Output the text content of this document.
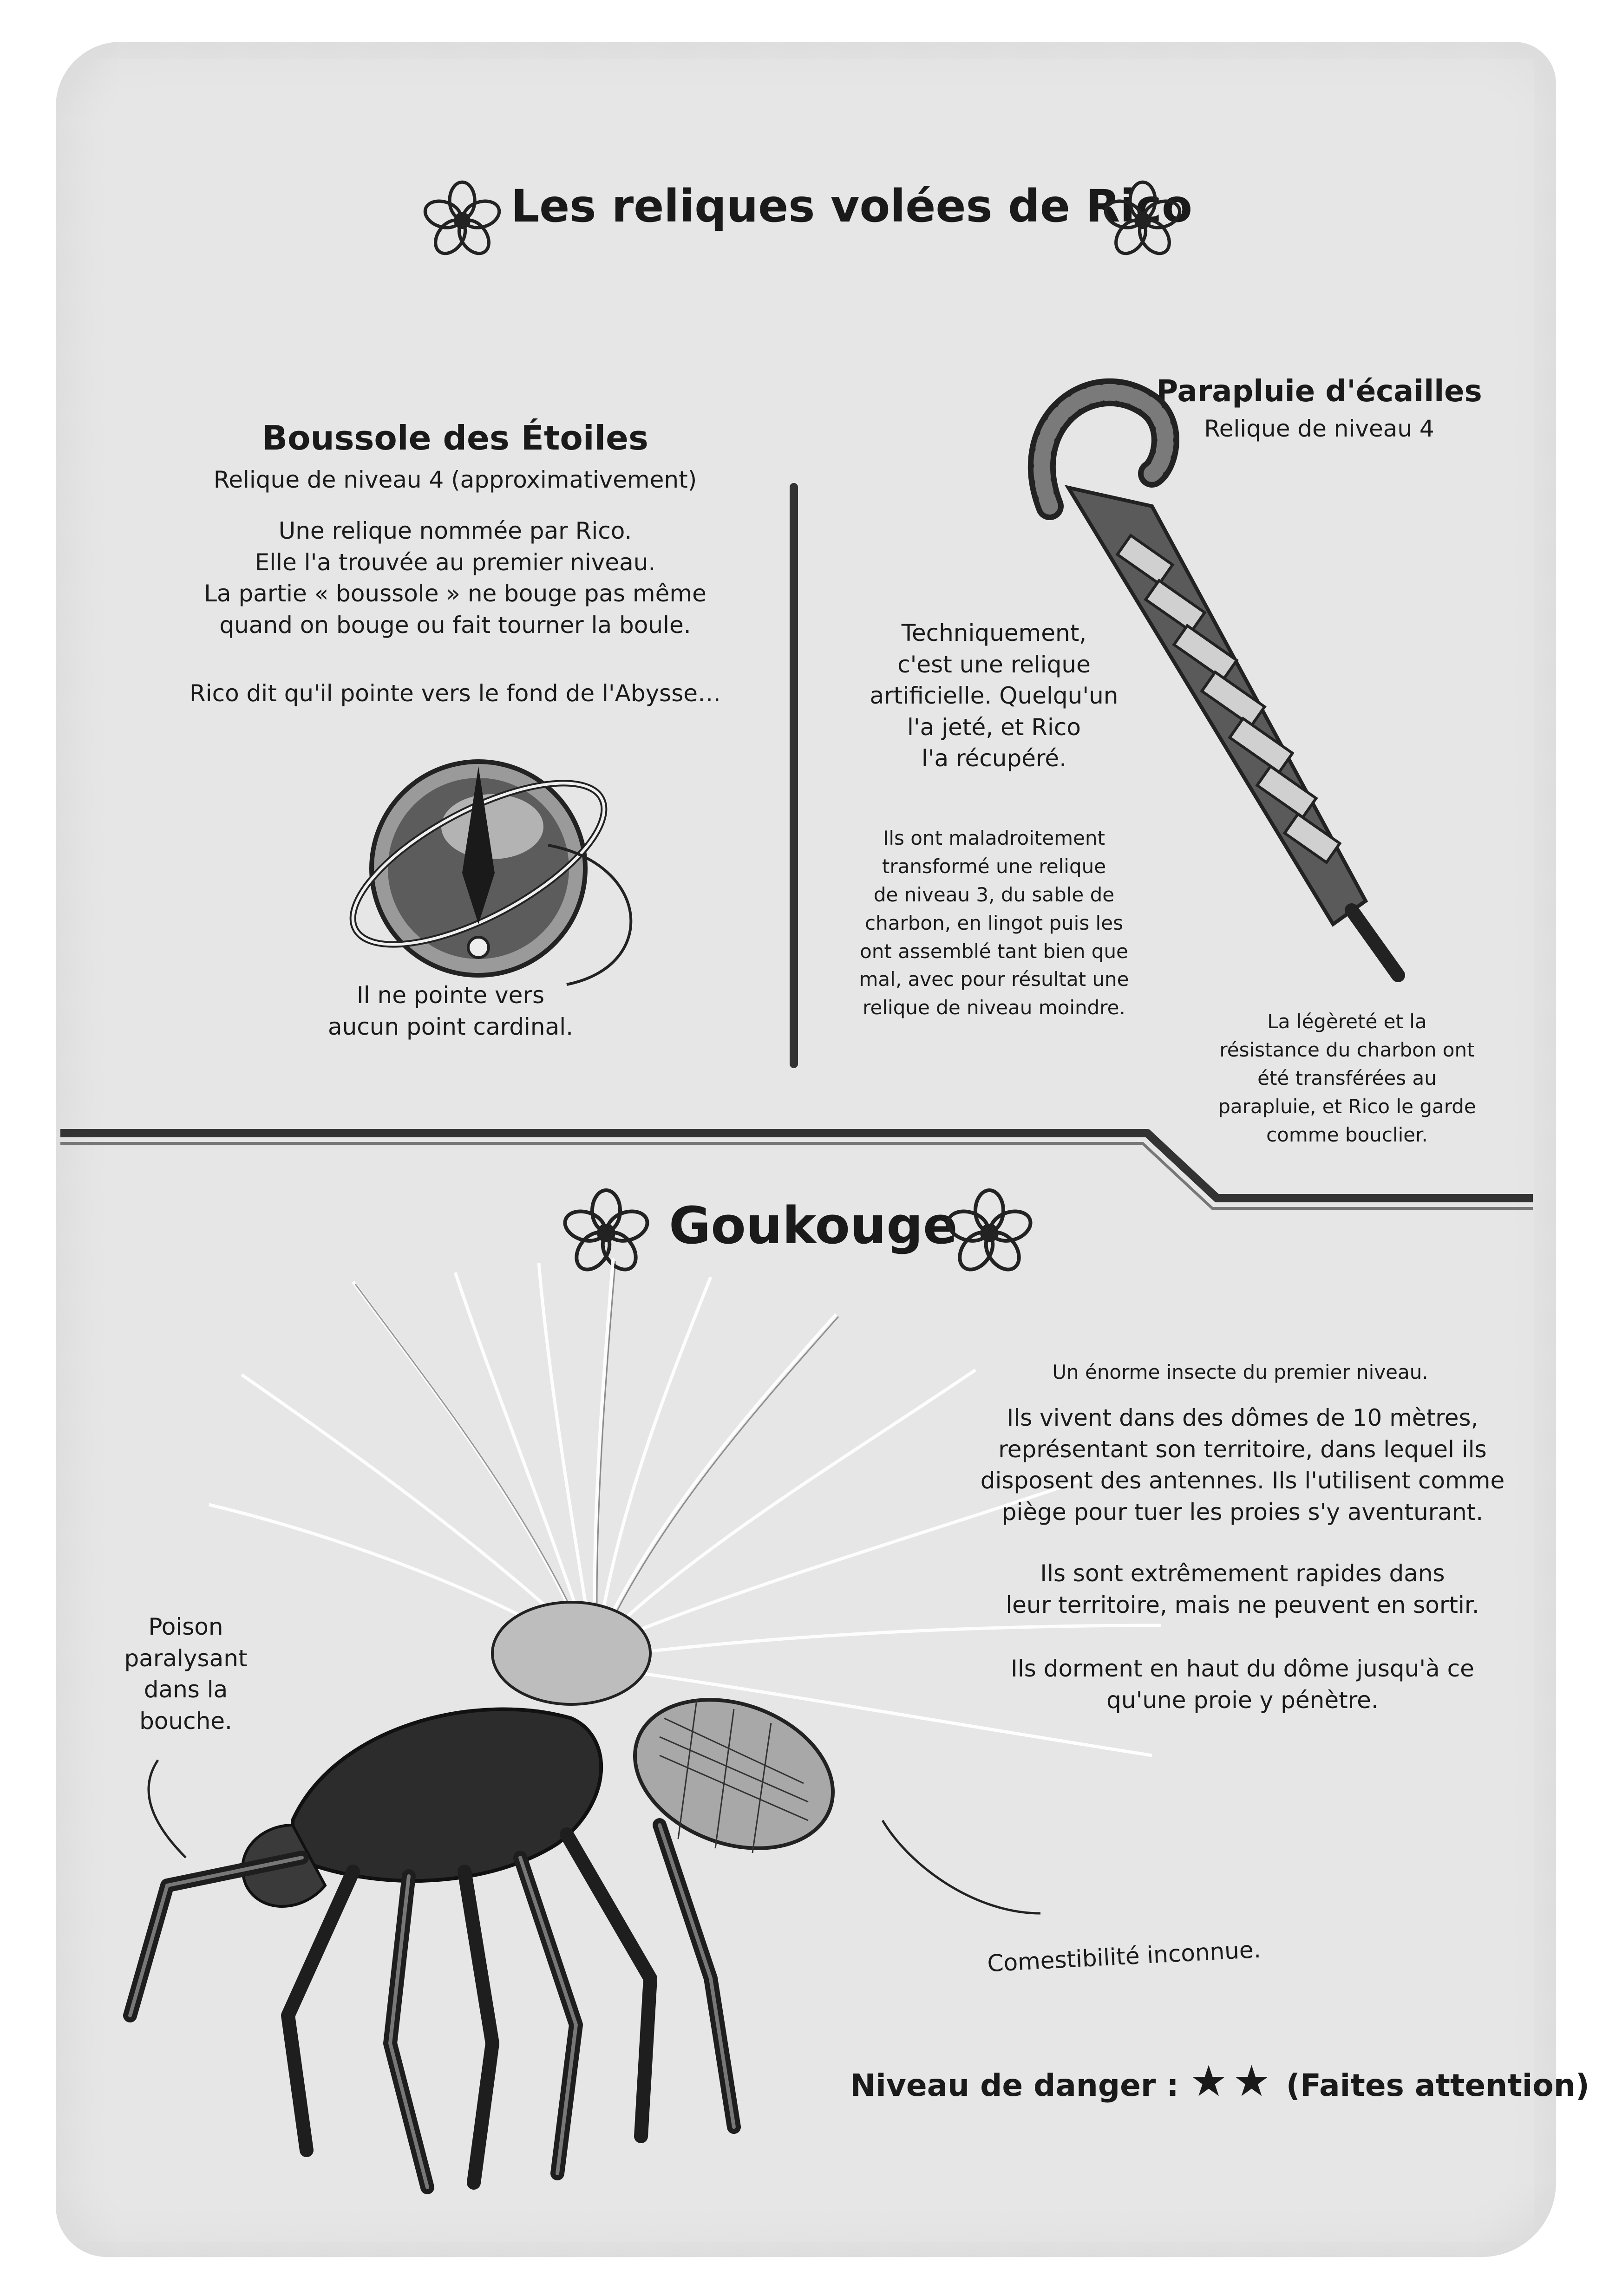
Les reliques volées de Rico
Boussole des Étoiles
Relique de niveau 4 (approximativement)
Une relique nommée par Rico.
Elle l'a trouvée au premier niveau.
La partie « boussole » ne bouge pas même
quand on bouge ou fait tourner la boule.
Rico dit qu'il pointe vers le fond de l'Abysse…
Il ne pointe vers
aucun point cardinal.
Parapluie d'écailles
Relique de niveau 4
Techniquement,
c'est une relique
artificielle. Quelqu'un
l'a jeté, et Rico
l'a récupéré.
Ils ont maladroitement
transformé une relique
de niveau 3, du sable de
charbon, en lingot puis les
ont assemblé tant bien que
mal, avec pour résultat une
relique de niveau moindre.
La légèreté et la
résistance du charbon ont
été transférées au
parapluie, et Rico le garde
comme bouclier.
Goukouge
Un énorme insecte du premier niveau.
Ils vivent dans des dômes de 10 mètres,
représentant son territoire, dans lequel ils
disposent des antennes. Ils l'utilisent comme
piège pour tuer les proies s'y aventurant.
Ils sont extrêmement rapides dans
leur territoire, mais ne peuvent en sortir.
Ils dorment en haut du dôme jusqu'à ce
qu'une proie y pénètre.
Poison
paralysant
dans la
bouche.
Comestibilité inconnue.
Niveau de danger : ★★ (Faites attention)
